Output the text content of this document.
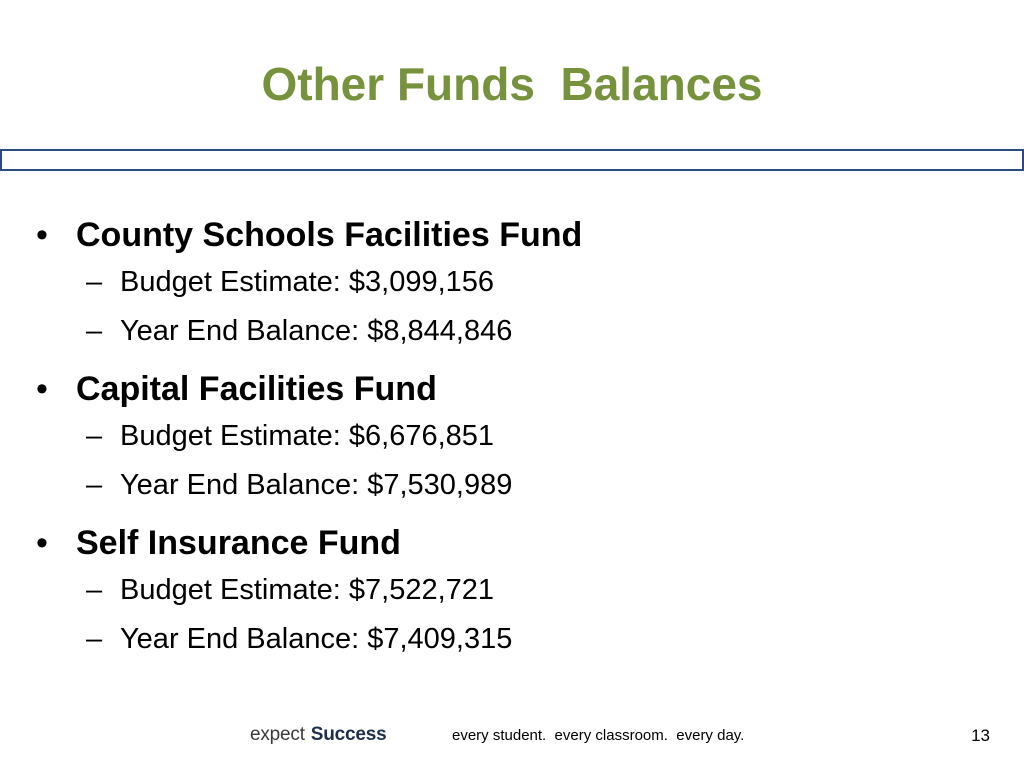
Other Funds  Balances
• County Schools Facilities Fund
– Budget Estimate: $3,099,156
– Year End Balance: $8,844,846
• Capital Facilities Fund
– Budget Estimate: $6,676,851
– Year End Balance: $7,530,989
• Self Insurance Fund
– Budget Estimate: $7,522,721
– Year End Balance: $7,409,315
expect Success	every student.  every classroom.  every day.	13
